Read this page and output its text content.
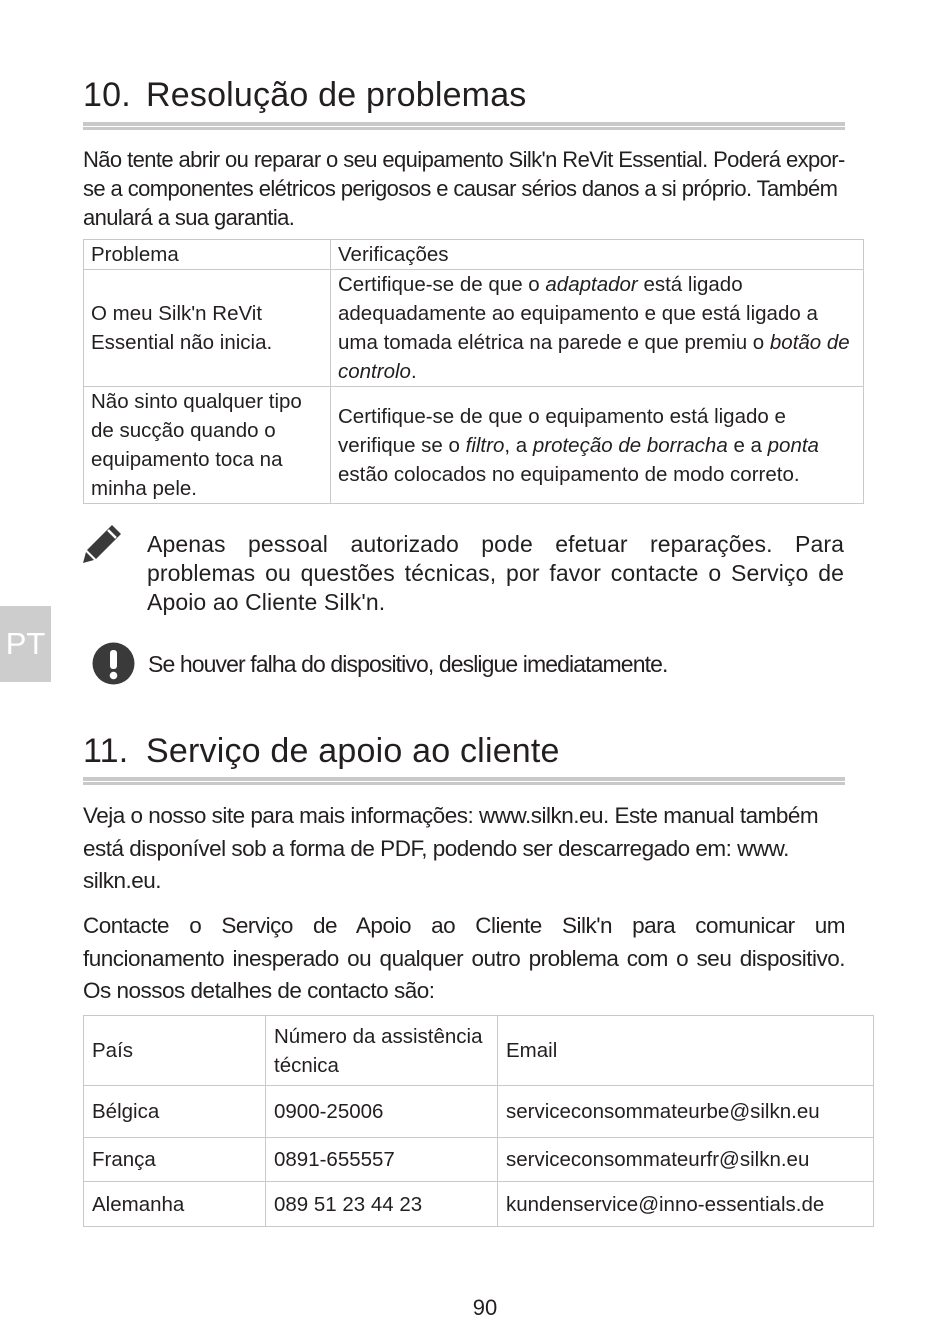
10. Resolução de problemas
Não tente abrir ou reparar o seu equipamento Silk'n ReVit Essential. Poderá expor-se a componentes elétricos perigosos e causar sérios danos a si próprio. Também anulará a sua garantia.
Problema	Verificações
O meu Silk'n ReVit Essential não inicia.	Certifique-se de que o adaptador está ligado adequadamente ao equipamento e que está ligado a uma tomada elétrica na parede e que premiu o botão de controlo.
Não sinto qualquer tipo de sucção quando o equipamento toca na minha pele.	Certifique-se de que o equipamento está ligado e verifique se o filtro, a proteção de borracha e a ponta estão colocados no equipamento de modo correto.
Apenas pessoal autorizado pode efetuar reparações. Para problemas ou questões técnicas, por favor contacte o Serviço de Apoio ao Cliente Silk'n.
PT
Se houver falha do dispositivo, desligue imediatamente.
11. Serviço de apoio ao cliente
Veja o nosso site para mais informações: www.silkn.eu. Este manual também está disponível sob a forma de PDF, podendo ser descarregado em: www. silkn.eu.
Contacte o Serviço de Apoio ao Cliente Silk'n para comunicar um funcionamento inesperado ou qualquer outro problema com o seu dispositivo. Os nossos detalhes de contacto são:
País	Número da assistência técnica	Email
Bélgica	0900-25006	serviceconsommateurbe@silkn.eu
França	0891-655557	serviceconsommateurfr@silkn.eu
Alemanha	089 51 23 44 23	kundenservice@inno-essentials.de
90
